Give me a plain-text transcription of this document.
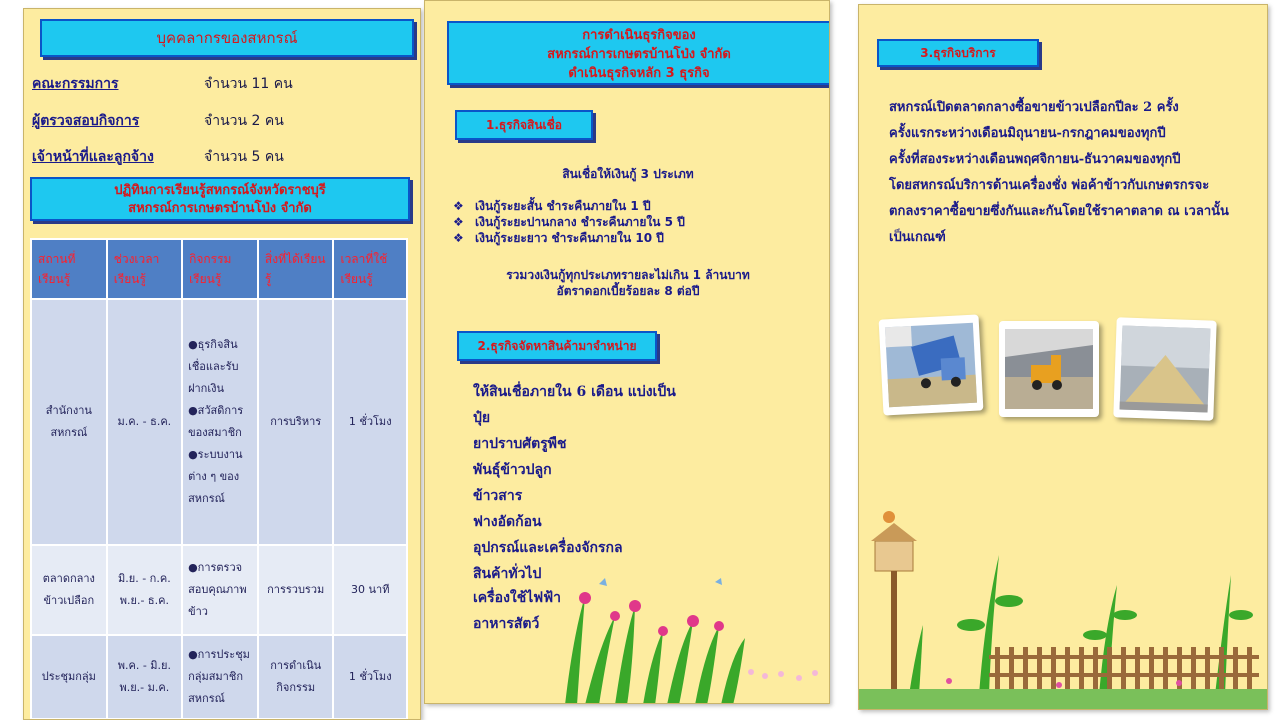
บุคคลากรของสหกรณ์
คณะกรรมการ	จำนวน 11 คน
ผู้ตรวจสอบกิจการ	จำนวน 2 คน
เจ้าหน้าที่และลูกจ้าง	จำนวน 5 คน
ปฏิทินการเรียนรู้สหกรณ์จังหวัดราชบุรี
สหกรณ์การเกษตรบ้านโป่ง จำกัด
สถานที่เรียนรู้	ช่วงเวลาเรียนรู้	กิจกรรมเรียนรู้	สิ่งที่ได้เรียนรู้	เวลาที่ใช้เรียนรู้
สำนักงานสหกรณ์	ม.ค. - ธ.ค.	●ธุรกิจสินเชื่อและรับฝากเงิน ●สวัสดิการของสมาชิก ●ระบบงานต่าง ๆ ของสหกรณ์	การบริหาร	1 ชั่วโมง
ตลาดกลางข้าวเปลือก	มิ.ย. - ก.ค. พ.ย.- ธ.ค.	●การตรวจสอบคุณภาพข้าว	การรวบรวม	30 นาที
ประชุมกลุ่ม	พ.ค. - มิ.ย. พ.ย.- ม.ค.	●การประชุมกลุ่มสมาชิกสหกรณ์	การดำเนินกิจกรรม	1 ชั่วโมง
การดำเนินธุรกิจของ
สหกรณ์การเกษตรบ้านโป่ง จำกัด
ดำเนินธุรกิจหลัก 3 ธุรกิจ
1.ธุรกิจสินเชื่อ
สินเชื่อให้เงินกู้ 3 ประเภท
❖ เงินกู้ระยะสั้น ชำระคืนภายใน 1 ปี
❖ เงินกู้ระยะปานกลาง ชำระคืนภายใน 5 ปี
❖ เงินกู้ระยะยาว ชำระคืนภายใน 10 ปี
รวมวงเงินกู้ทุกประเภทรายละไม่เกิน 1 ล้านบาท
อัตราดอกเบี้ยร้อยละ 8 ต่อปี
2.ธุรกิจจัดหาสินค้ามาจำหน่าย
ให้สินเชื่อภายใน 6 เดือน แบ่งเป็น
ปุ๋ย
ยาปราบศัตรูพืช
พันธุ์ข้าวปลูก
ข้าวสาร
ฟางอัดก้อน
อุปกรณ์และเครื่องจักรกล
สินค้าทั่วไป
เครื่องใช้ไฟฟ้า
อาหารสัตว์
3.ธุรกิจบริการ
สหกรณ์เปิดตลาดกลางซื้อขายข้าวเปลือกปีละ 2 ครั้ง
ครั้งแรกระหว่างเดือนมิถุนายน-กรกฎาคมของทุกปี
ครั้งที่สองระหว่างเดือนพฤศจิกายน-ธันวาคมของทุกปี
โดยสหกรณ์บริการด้านเครื่องชั่ง พ่อค้าข้าวกับเกษตรกรจะ
ตกลงราคาซื้อขายซึ่งกันและกันโดยใช้ราคาตลาด ณ เวลานั้น
เป็นเกณฑ์
